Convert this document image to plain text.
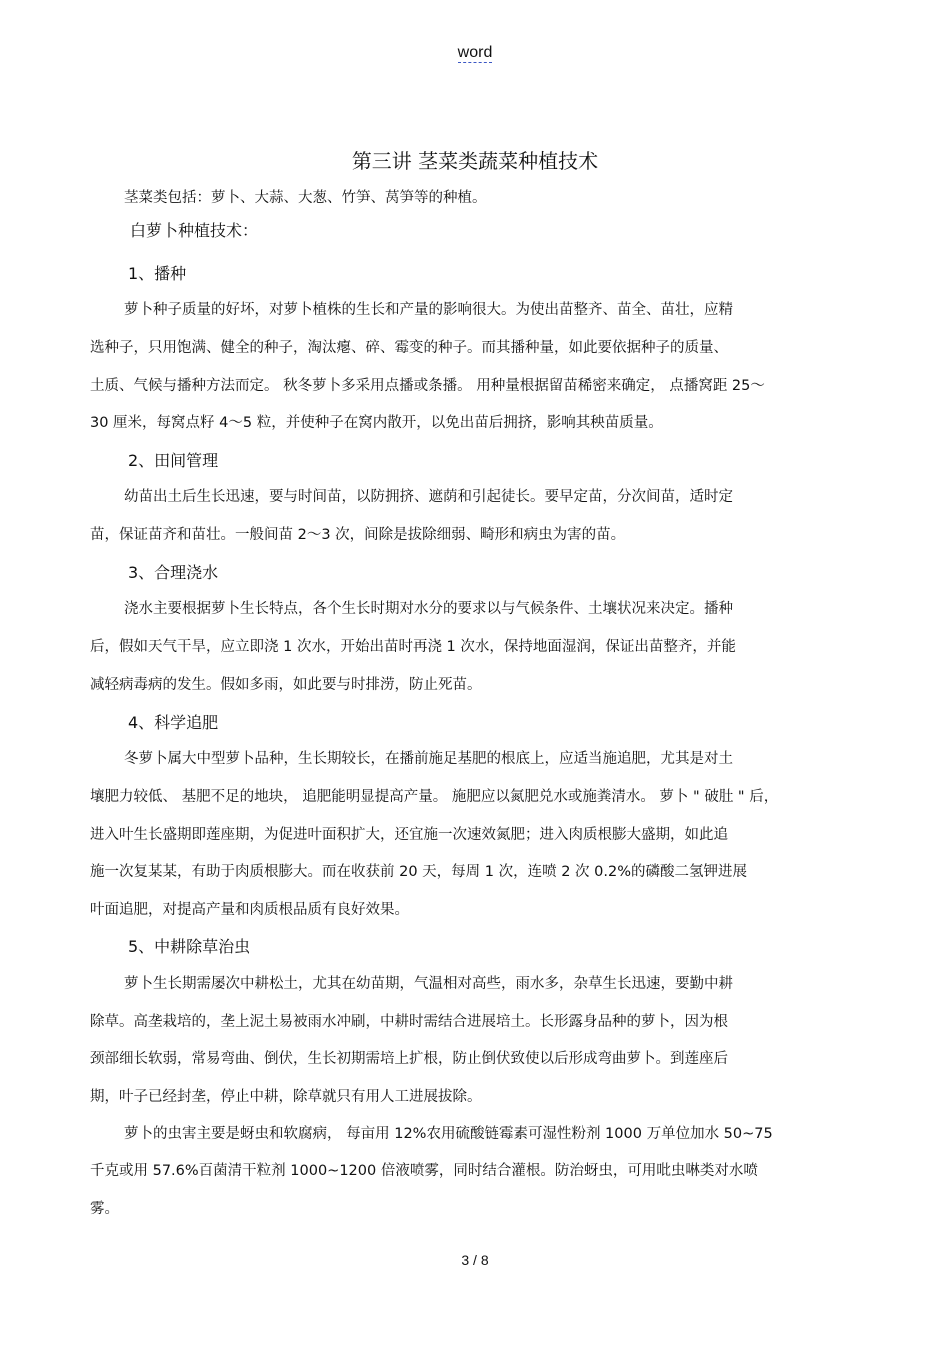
word
第三讲 茎菜类蔬菜种植技术
茎菜类包括：萝卜、大蒜、大葱、竹笋、莴笋等的种植。
白萝卜种植技术：
1、播种
萝卜种子质量的好坏，对萝卜植株的生长和产量的影响很大。为使出苗整齐、苗全、苗壮，应精
选种子，只用饱满、健全的种子，淘汰瘪、碎、霉变的种子。而其播种量，如此要依据种子的质量、
土质、气候与播种方法而定。 秋冬萝卜多采用点播或条播。 用种量根据留苗稀密来确定， 点播窝距 25～
30 厘米，每窝点籽 4～5 粒，并使种子在窝内散开，以免出苗后拥挤，影响其秧苗质量。
2、田间管理
幼苗出土后生长迅速，要与时间苗，以防拥挤、遮荫和引起徒长。要早定苗，分次间苗，适时定
苗，保证苗齐和苗壮。一般间苗 2～3 次，间除是拔除细弱、畸形和病虫为害的苗。
3、合理浇水
浇水主要根据萝卜生长特点，各个生长时期对水分的要求以与气候条件、土壤状况来决定。播种
后，假如天气干旱，应立即浇 1 次水，开始出苗时再浇 1 次水，保持地面湿润，保证出苗整齐，并能
减轻病毒病的发生。假如多雨，如此要与时排涝，防止死苗。
4、科学追肥
冬萝卜属大中型萝卜品种，生长期较长，在播前施足基肥的根底上，应适当施追肥，尤其是对土
壤肥力较低、 基肥不足的地块， 追肥能明显提高产量。 施肥应以氮肥兑水或施粪清水。 萝卜 " 破肚 " 后，
进入叶生长盛期即莲座期，为促进叶面积扩大，还宜施一次速效氮肥；进入肉质根膨大盛期，如此追
施一次复某某，有助于肉质根膨大。而在收获前 20 天，每周 1 次，连喷 2 次 0.2%的磷酸二氢钾进展
叶面追肥，对提高产量和肉质根品质有良好效果。
5、中耕除草治虫
萝卜生长期需屡次中耕松土，尤其在幼苗期，气温相对高些，雨水多，杂草生长迅速，要勤中耕
除草。高垄栽培的，垄上泥土易被雨水冲刷，中耕时需结合进展培土。长形露身品种的萝卜，因为根
颈部细长软弱，常易弯曲、倒伏，生长初期需培上扩根，防止倒伏致使以后形成弯曲萝卜。到莲座后
期，叶子已经封垄，停止中耕，除草就只有用人工进展拔除。
萝卜的虫害主要是蚜虫和软腐病， 每亩用 12%农用硫酸链霉素可湿性粉剂 1000 万单位加水 50~75
千克或用 57.6%百菌清干粒剂 1000~1200 倍液喷雾，同时结合灌根。防治蚜虫，可用吡虫啉类对水喷
雾。
3 / 8
